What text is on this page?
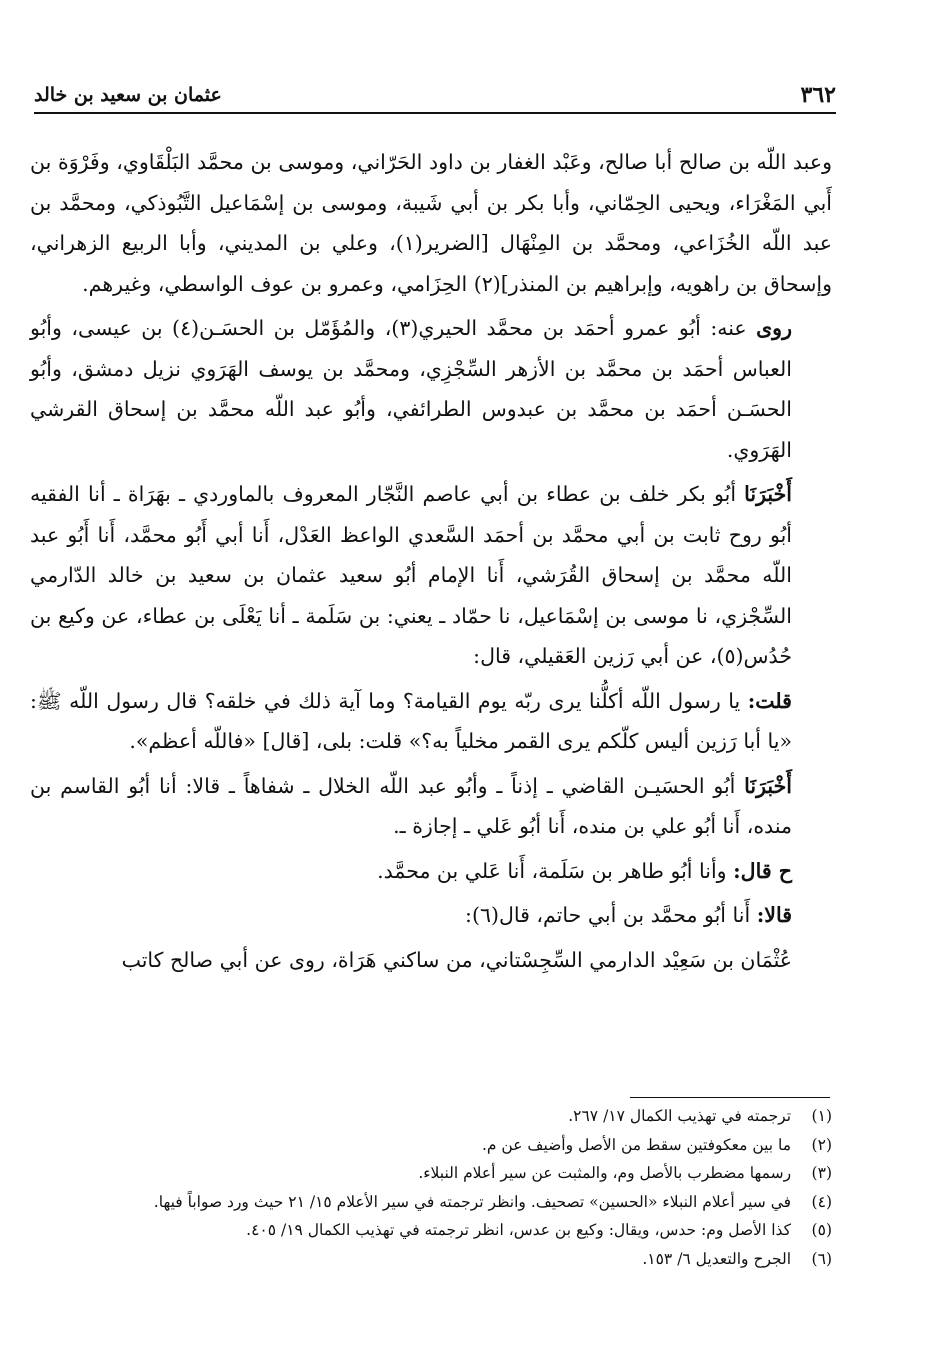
٣٦٢
عثمان بن سعيد بن خالد

وعبد اللّه بن صالح أبا صالح، وعَبْد الغفار بن داود الحَرّاني، وموسى بن محمَّد البَلْقَاوي، وفَرْوَة بن أَبي المَغْرَاء، ويحيى الحِمّاني، وأبا بكر بن أبي شَيبة، وموسى بن إسْمَاعيل التَّبُوذكي، ومحمَّد بن عبد اللّه الخُزَاعي، ومحمَّد بن المِنْهَال [الضرير(١)، وعلي بن المديني، وأبا الربيع الزهراني، وإسحاق بن راهويه، وإبراهيم بن المنذر](٢) الحِزَامي، وعمرو بن عوف الواسطي، وغيرهم.

روى عنه: أبُو عمرو أحمَد بن محمَّد الحيري(٣)، والمُؤَمّل بن الحسَـن(٤) بن عيسى، وأبُو العباس أحمَد بن محمَّد بن الأزهر السِّجْزِي، ومحمَّد بن يوسف الهَرَوي نزيل دمشق، وأبُو الحسَـن أحمَد بن محمَّد بن عبدوس الطرائفي، وأبُو عبد اللّه محمَّد بن إسحاق القرشي الهَرَوي.

أَخْبَرَنَا أبُو بكر خلف بن عطاء بن أبي عاصم النَّجّار المعروف بالماوردي ـ بهَرَاة ـ أنا الفقيه أبُو روح ثابت بن أبي محمَّد بن أحمَد السَّعدي الواعظ العَدْل، أَنا أبي أَبُو محمَّد، أَنا أَبُو عبد اللّه محمَّد بن إسحاق القُرَشي، أَنا الإمام أبُو سعيد عثمان بن سعيد بن خالد الدّارمي السِّجْزي، نا موسى بن إسْمَاعيل، نا حمّاد ـ يعني: بن سَلَمة ـ أنا يَعْلَى بن عطاء، عن وكيع بن حُدُس(٥)، عن أبي رَزين العَقيلي، قال:

قلت: يا رسول اللّه أكلُّنا يرى ربّه يوم القيامة؟ وما آية ذلك في خلقه؟ قال رسول اللّه ﷺ: «يا أبا رَزين أليس كلّكم يرى القمر مخلياً به؟» قلت: بلى، [قال] «فاللّه أعظم».

أَخْبَرَنَا أبُو الحسَيـن القاضي ـ إذناً ـ وأبُو عبد اللّه الخلال ـ شفاهاً ـ قالا: أنا أبُو القاسم بن منده، أَنا أبُو علي بن منده، أَنا أبُو عَلي ـ إجازة ـ.

ح قال: وأنا أبُو طاهر بن سَلَمة، أَنا عَلي بن محمَّد.

قالا: أَنا أبُو محمَّد بن أبي حاتم، قال(٦):

عُثْمَان بن سَعِيْد الدارمي السِّجِسْتاني، من ساكني هَرَاة، روى عن أبي صالح كاتب

(١) ترجمته في تهذيب الكمال ١٧/ ٢٦٧.
(٢) ما بين معكوفتين سقط من الأصل وأضيف عن م.
(٣) رسمها مضطرب بالأصل وم، والمثبت عن سير أعلام النبلاء.
(٤) في سير أعلام النبلاء «الحسين» تصحيف. وانظر ترجمته في سير الأعلام ١٥/ ٢١ حيث ورد صواباً فيها.
(٥) كذا الأصل وم: حدس، ويقال: وكيع بن عدس، انظر ترجمته في تهذيب الكمال ١٩/ ٤٠٥.
(٦) الجرح والتعديل ٦/ ١٥٣.
